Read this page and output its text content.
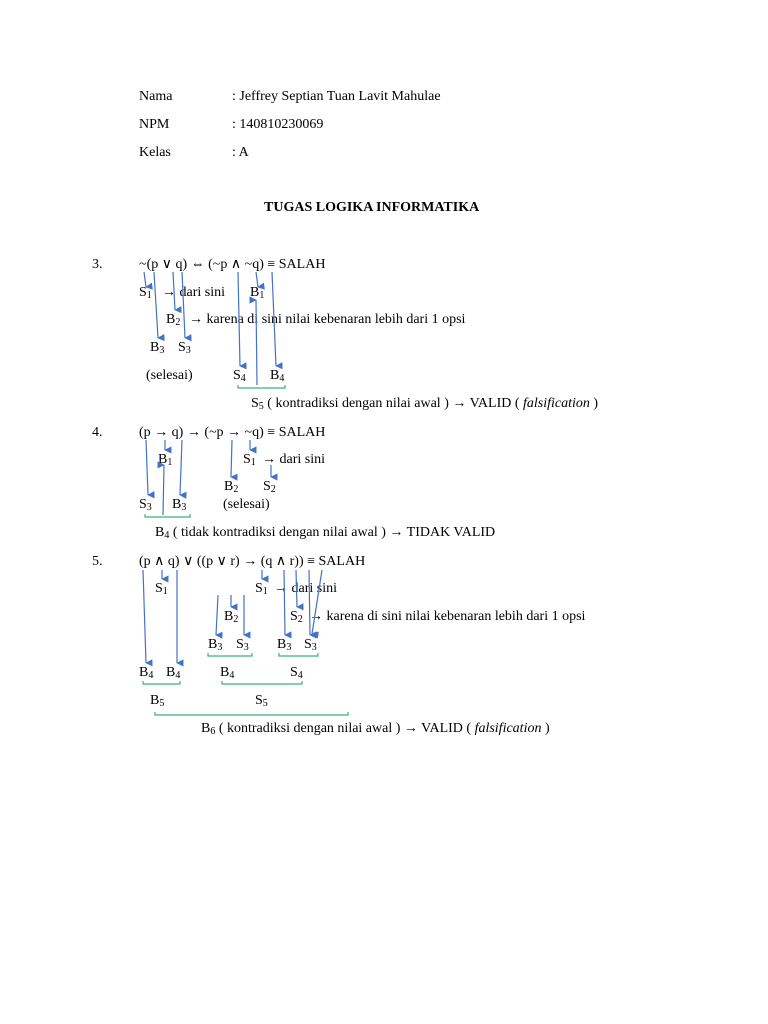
Nama	: Jeffrey Septian Tuan Lavit Mahulae
NPM	: 140810230069
Kelas	: A
TUGAS LOGIKA INFORMATIKA
3.	~(p ∨ q) ⇔ (~p ∧ ~q) ≡ SALAH
$S_1$ → dari sini $B_1$
$B_2$ → karena di sini nilai kebenaran lebih dari 1 opsi
$B_3$ $S_3$
(selesai)	$S_4$ $B_4$
$S_5$ ( kontradiksi dengan nilai awal ) → VALID ( falsification )
4.	(p → q) → (~p → ~q) ≡ SALAH
$B_1$	$S_1$ → dari sini
$B_2$ $S_2$
$S_3$ $B_3$	(selesai)
$B_4$ ( tidak kontradiksi dengan nilai awal ) → TIDAK VALID
5.	(p ∧ q) ∨ ((p ∨ r) → (q ∧ r)) ≡ SALAH
$S_1$	$S_1$ → dari sini
$B_2$	$S_2$ → karena di sini nilai kebenaran lebih dari 1 opsi
$B_3$ $S_3$ $B_3$ $S_3$
$B_4$ $B_4$	$B_4$	$S_4$
$B_5$	$S_5$
$B_6$ ( kontradiksi dengan nilai awal ) → VALID ( falsification )
